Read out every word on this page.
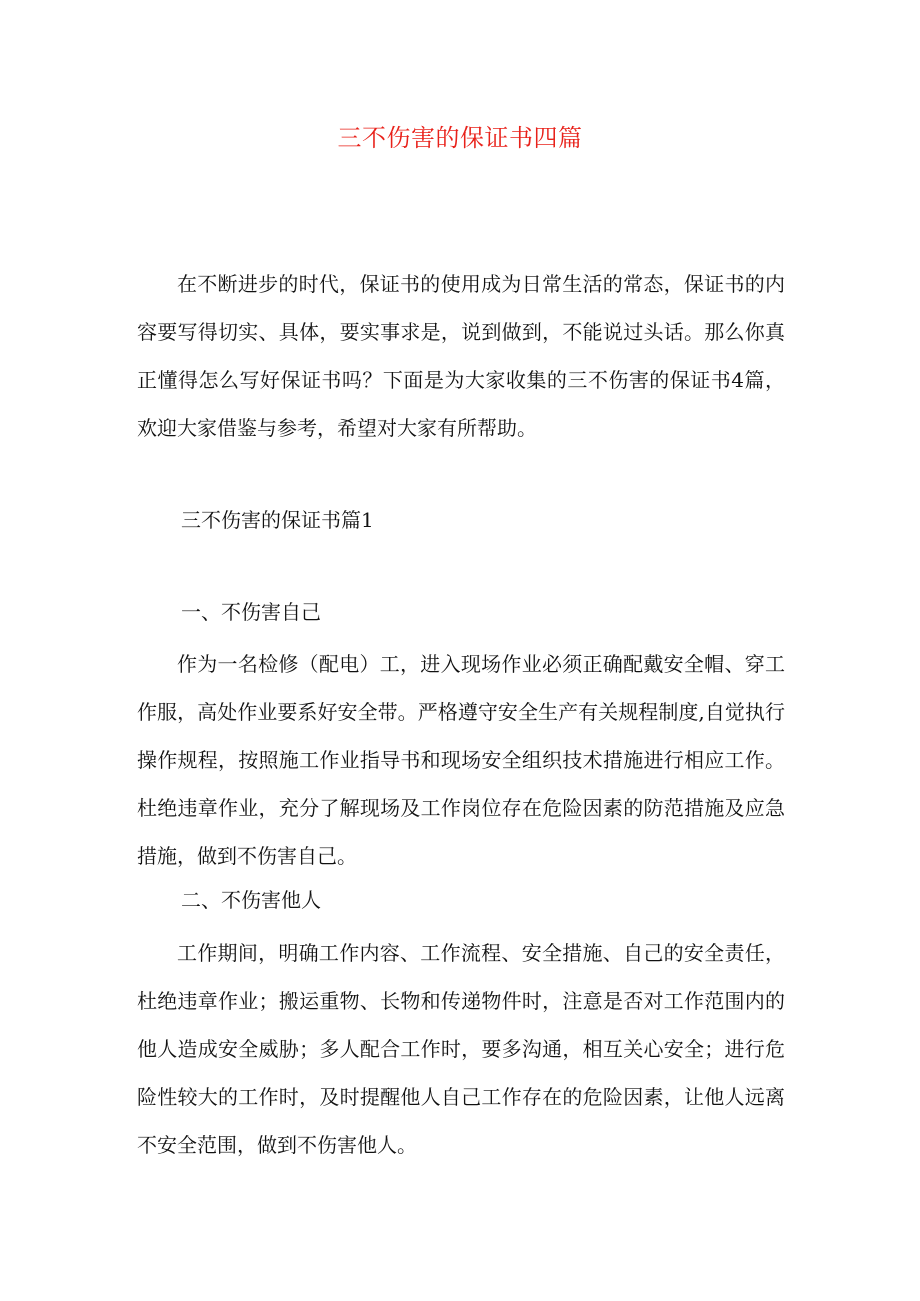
三不伤害的保证书四篇

在不断进步的时代，保证书的使用成为日常生活的常态，保证书的内容要写得切实、具体，要实事求是，说到做到，不能说过头话。那么你真正懂得怎么写好保证书吗？下面是为大家收集的三不伤害的保证书4篇，欢迎大家借鉴与参考，希望对大家有所帮助。

三不伤害的保证书篇1

一、不伤害自己

作为一名检修（配电）工，进入现场作业必须正确配戴安全帽、穿工作服，高处作业要系好安全带。严格遵守安全生产有关规程制度,自觉执行操作规程，按照施工作业指导书和现场安全组织技术措施进行相应工作。杜绝违章作业，充分了解现场及工作岗位存在危险因素的防范措施及应急措施，做到不伤害自己。

二、不伤害他人

工作期间，明确工作内容、工作流程、安全措施、自己的安全责任，杜绝违章作业；搬运重物、长物和传递物件时，注意是否对工作范围内的他人造成安全威胁；多人配合工作时，要多沟通，相互关心安全；进行危险性较大的工作时，及时提醒他人自己工作存在的危险因素，让他人远离不安全范围，做到不伤害他人。
